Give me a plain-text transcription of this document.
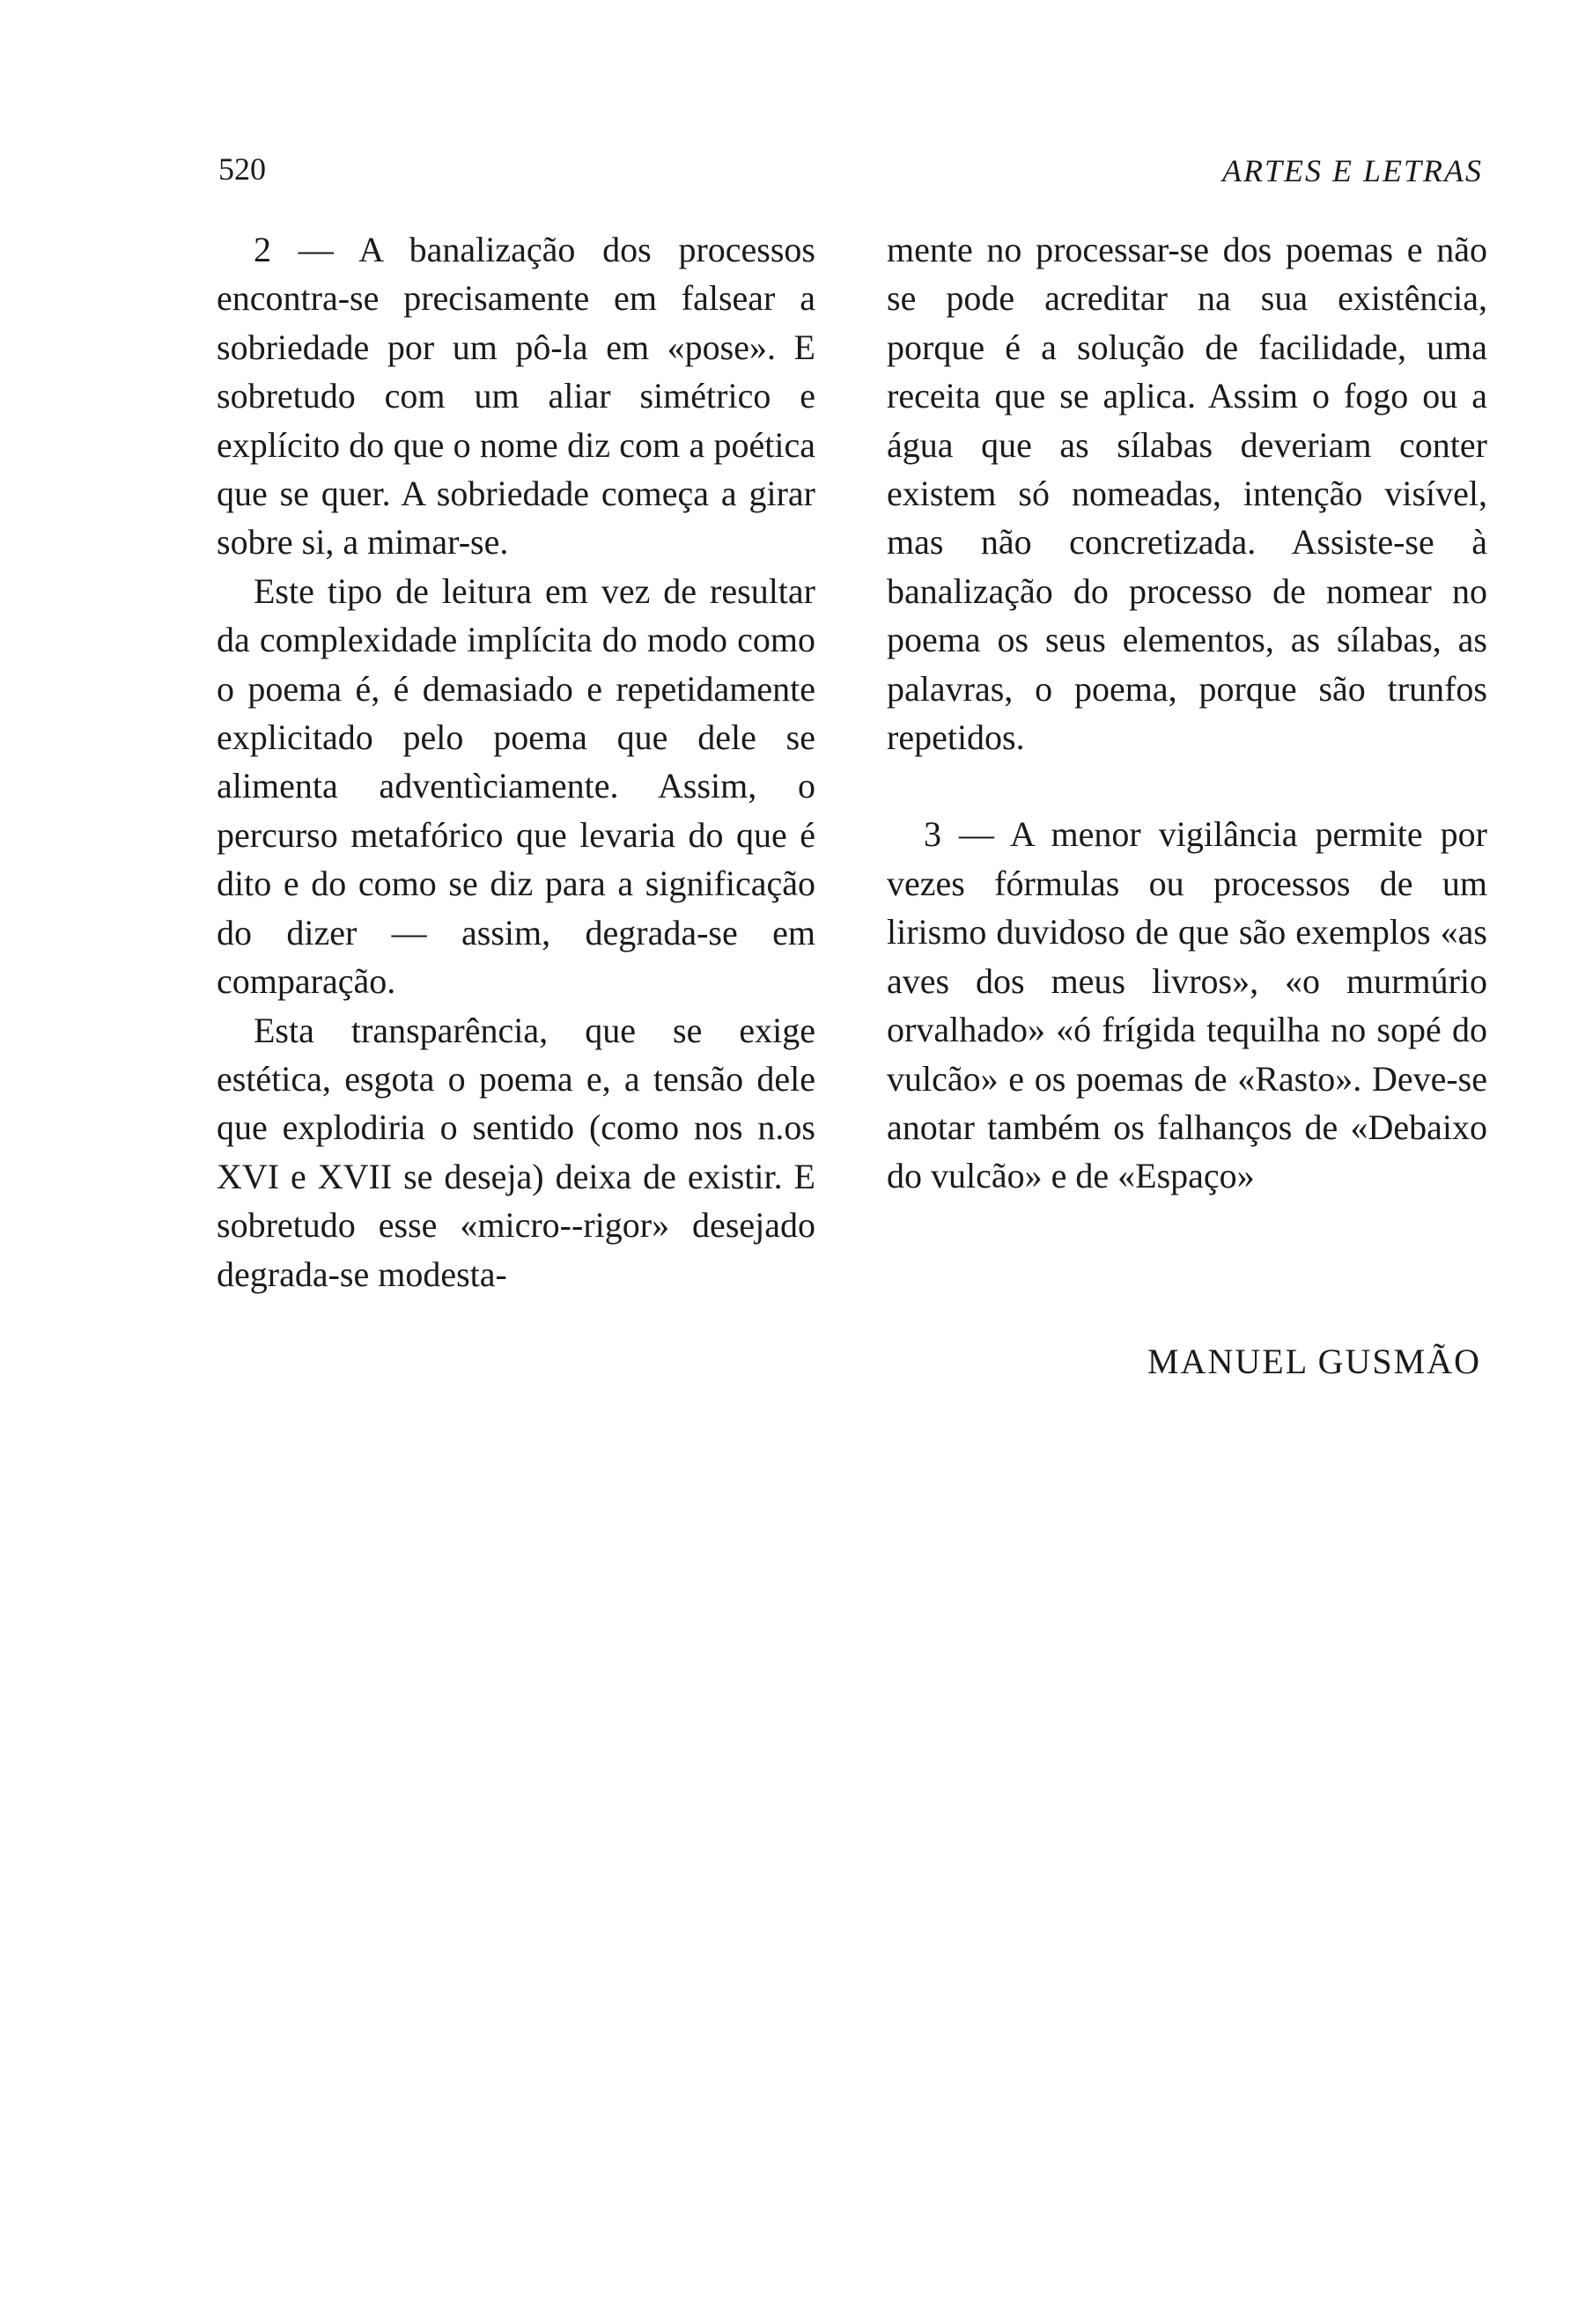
520	ARTES E LETRAS

2 — A banalização dos processos encontra-se precisamente em falsear a sobriedade por um pô-la em «pose». E sobretudo com um aliar simétrico e explícito do que o nome diz com a poética que se quer. A sobriedade começa a girar sobre si, a mimar-se.

Este tipo de leitura em vez de resultar da complexidade implícita do modo como o poema é, é demasiado e repetidamente explicitado pelo poema que dele se alimenta adventìciamente. Assim, o percurso metafórico que levaria do que é dito e do como se diz para a significação do dizer — assim, degrada-se em comparação.

Esta transparência, que se exige estética, esgota o poema e, a tensão dele que explodiria o sentido (como nos n.os XVI e XVII se deseja) deixa de existir. E sobretudo esse «micro--rigor» desejado degrada-se modesta-

mente no processar-se dos poemas e não se pode acreditar na sua existência, porque é a solução de facilidade, uma receita que se aplica. Assim o fogo ou a água que as sílabas deveriam conter existem só nomeadas, intenção visível, mas não concretizada. Assiste-se à banalização do processo de nomear no poema os seus elementos, as sílabas, as palavras, o poema, porque são trunfos repetidos.

3 — A menor vigilância permite por vezes fórmulas ou processos de um lirismo duvidoso de que são exemplos «as aves dos meus livros», «o murmúrio orvalhado» «ó frígida tequilha no sopé do vulcão» e os poemas de «Rasto». Deve-se anotar também os falhanços de «Debaixo do vulcão» e de «Espaço»

MANUEL GUSMÃO
